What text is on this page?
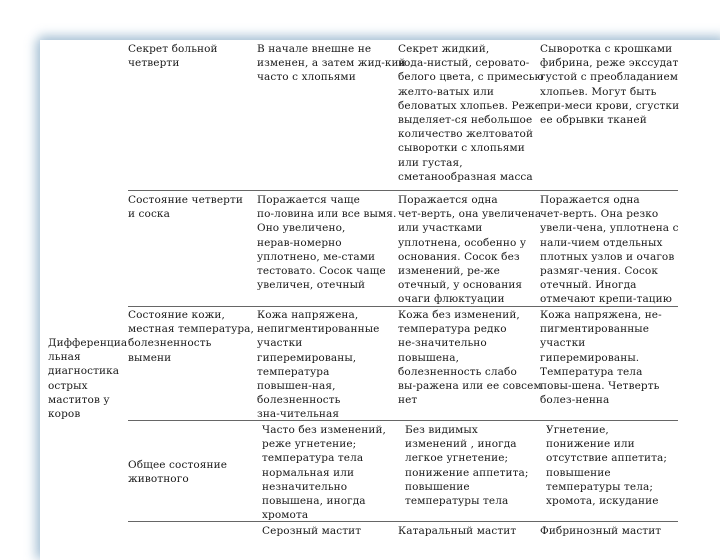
Дифференциа
льная
диагностика
острых
маститов у
коров
Секрет больной
четверти
В начале внешне не
изменен, а затем жид-кий
часто с хлопьями
Секрет жидкий,
вода-нистый, серовато-
белого цвета, с примесью
желто-ватых или
беловатых хлопьев. Реже
выделяет-ся небольшое
количество желтоватой
сыворотки с хлопьями
или густая,
сметанообразная масса
Сыворотка с крошками
фибрина, реже экссудат
густой с преобладанием
хлопьев. Могут быть
при-меси крови, сгустки
ее обрывки тканей
Состояние четверти
и соска
Поражается чаще
по-ловина или все вымя.
Оно увеличено,
нерав-номерно
уплотнено, ме-стами
тестовато. Сосок чаще
увеличен, отечный
Поражается одна
чет-верть, она увеличена
или участками
уплотнена, особенно у
основания. Сосок без
изменений, ре-же
отечный, у основания
очаги флюктуации
Поражается одна
чет-верть. Она резко
увели-чена, уплотнена с
нали-чием отдельных
плотных узлов и очагов
размяг-чения. Сосок
отечный. Иногда
отмечают крепи-тацию
Состояние кожи,
местная температура,
болезненность
вымени
Кожа напряжена,
непигментированные
участки
гиперемированы,
температура
повышен-ная,
болезненность
зна-чительная
Кожа без изменений,
температура редко
не-значительно
повышена,
болезненность слабо
вы-ражена или ее совсем
нет
Кожа напряжена, не-
пигментированные
участки
гиперемированы.
Температура тела
повы-шена. Четверть
болез-ненна
Общее состояние
животного
Часто без изменений,
реже угнетение;
температура тела
нормальная или
незначительно
повышена, иногда
хромота
Без видимых
изменений , иногда
легкое угнетение;
понижение аппетита;
повышение
температуры тела
Угнетение,
понижение или
отсутствие аппетита;
повышение
температуры тела;
хромота, искудание
Серозный мастит	Катаральный мастит Фибринозный мастит
